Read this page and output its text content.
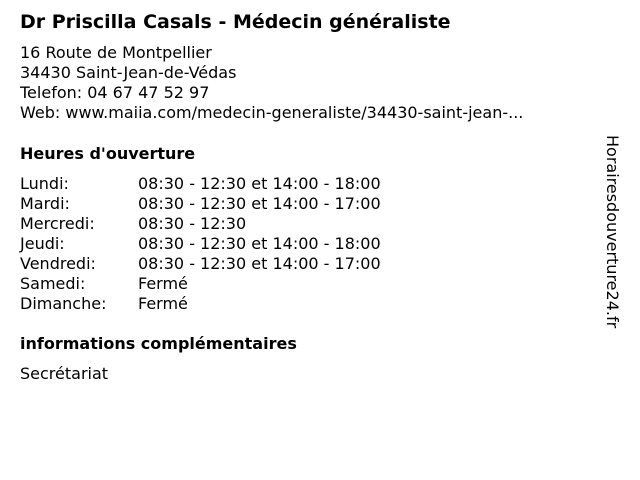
Dr Priscilla Casals - Médecin généraliste
16 Route de Montpellier
34430 Saint-Jean-de-Védas
Telefon: 04 67 47 52 97
Web: www.maiia.com/medecin-generaliste/34430-saint-jean-...
Heures d'ouverture
Lundi:	08:30 - 12:30 et 14:00 - 18:00
Mardi:	08:30 - 12:30 et 14:00 - 17:00
Mercredi:	08:30 - 12:30
Jeudi:	08:30 - 12:30 et 14:00 - 18:00
Vendredi:	08:30 - 12:30 et 14:00 - 17:00
Samedi:	Fermé
Dimanche: Fermé
informations complémentaires
Secrétariat
Horairesdouverture24.fr
